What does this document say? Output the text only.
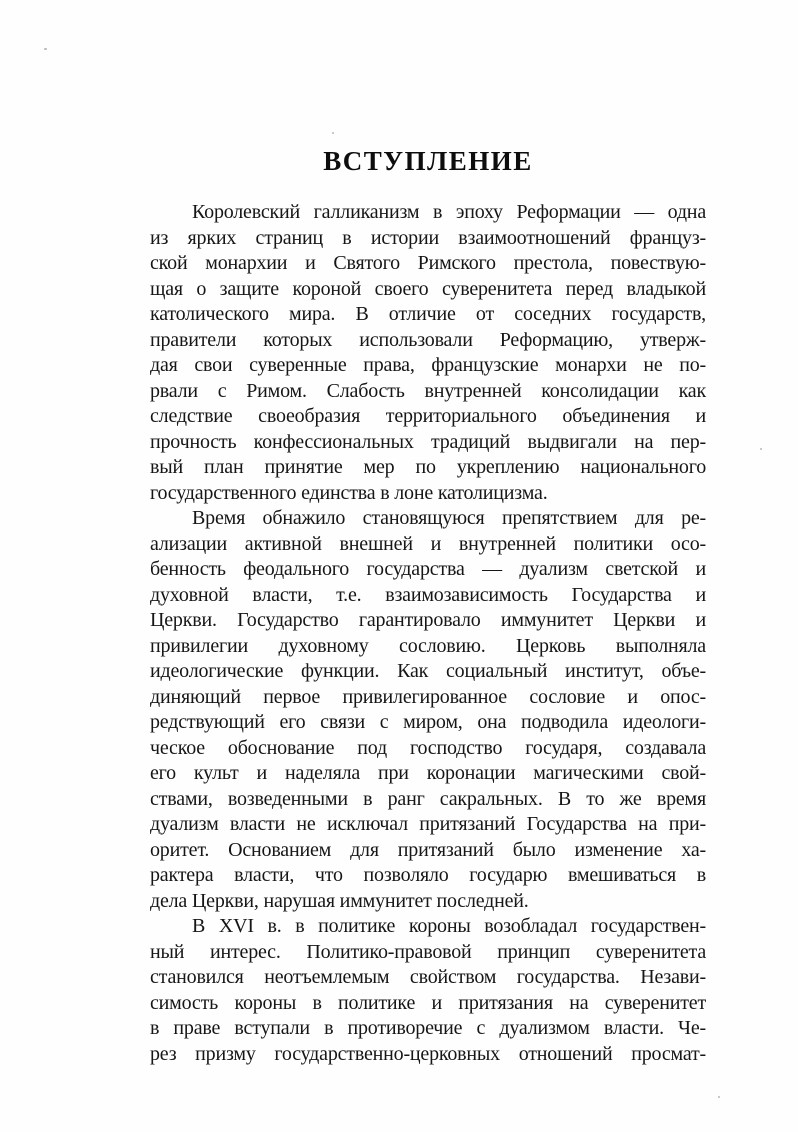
ВСТУПЛЕНИЕ
Королевский галликанизм в эпоху Реформации — одна
из ярких страниц в истории взаимоотношений француз-
ской монархии и Святого Римского престола, повествую-
щая о защите короной своего суверенитета перед владыкой
католического мира. В отличие от соседних государств,
правители которых использовали Реформацию, утверж-
дая свои суверенные права, французские монархи не по-
рвали с Римом. Слабость внутренней консолидации как
следствие своеобразия территориального объединения и
прочность конфессиональных традиций выдвигали на пер-
вый план принятие мер по укреплению национального
государственного единства в лоне католицизма.
Время обнажило становящуюся препятствием для ре-
ализации активной внешней и внутренней политики осо-
бенность феодального государства — дуализм светской и
духовной власти, т.е. взаимозависимость Государства и
Церкви. Государство гарантировало иммунитет Церкви и
привилегии духовному сословию. Церковь выполняла
идеологические функции. Как социальный институт, объе-
диняющий первое привилегированное сословие и опос-
редствующий его связи с миром, она подводила идеологи-
ческое обоснование под господство государя, создавала
его культ и наделяла при коронации магическими свой-
ствами, возведенными в ранг сакральных. В то же время
дуализм власти не исключал притязаний Государства на при-
оритет. Основанием для притязаний было изменение ха-
рактера власти, что позволяло государю вмешиваться в
дела Церкви, нарушая иммунитет последней.
В XVI в. в политике короны возобладал государствен-
ный интерес. Политико-правовой принцип суверенитета
становился неотъемлемым свойством государства. Незави-
симость короны в политике и притязания на суверенитет
в праве вступали в противоречие с дуализмом власти. Че-
рез призму государственно-церковных отношений просмат-
